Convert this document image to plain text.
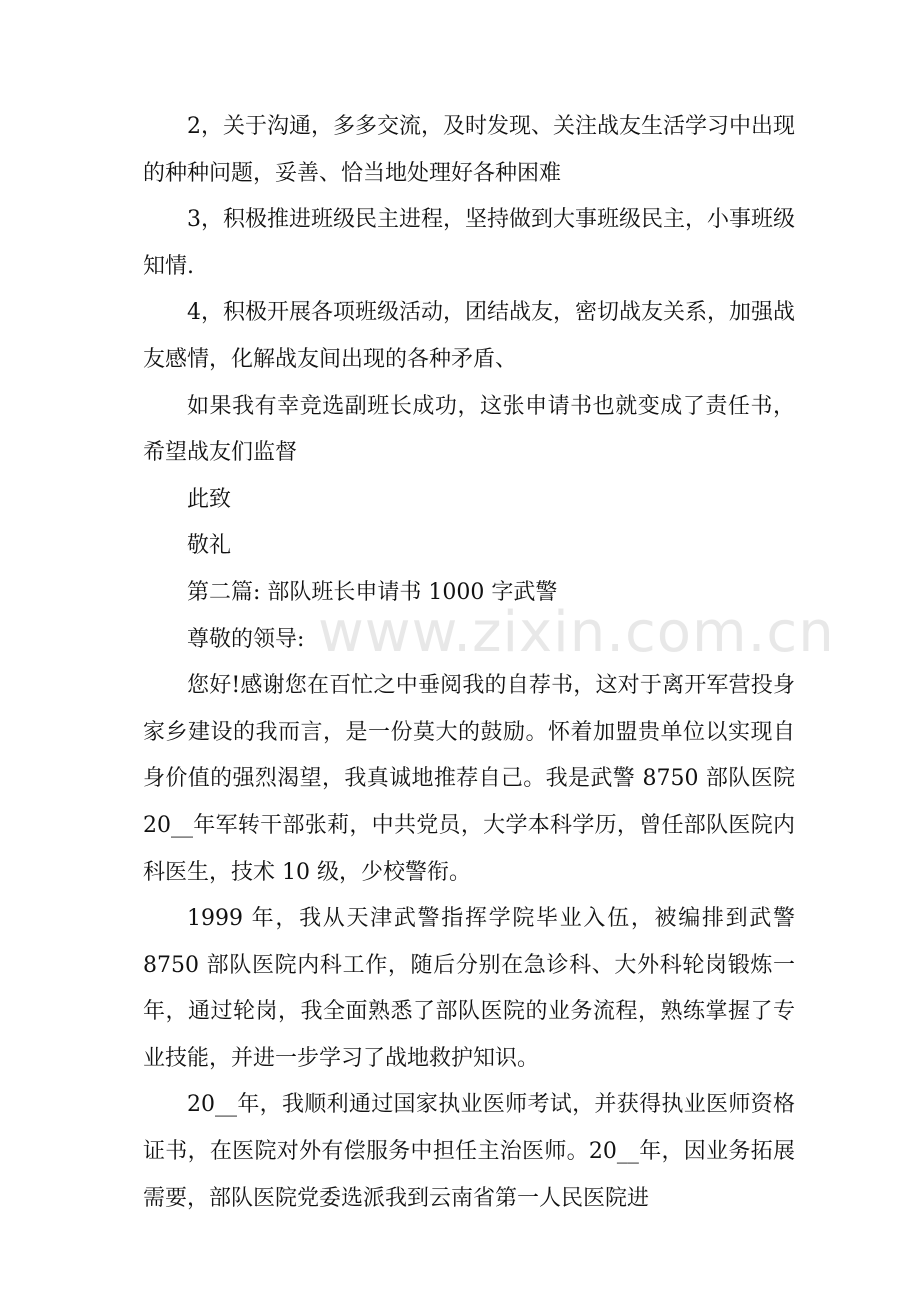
2，关于沟通，多多交流，及时发现、关注战友生活学习中出现的种种问题，妥善、恰当地处理好各种困难

3，积极推进班级民主进程，坚持做到大事班级民主，小事班级知情.

4，积极开展各项班级活动，团结战友，密切战友关系，加强战友感情，化解战友间出现的各种矛盾、

如果我有幸竞选副班长成功，这张申请书也就变成了责任书，希望战友们监督

此致

敬礼

第二篇: 部队班长申请书 1000 字武警

尊敬的领导:

您好!感谢您在百忙之中垂阅我的自荐书，这对于离开军营投身家乡建设的我而言，是一份莫大的鼓励。怀着加盟贵单位以实现自身价值的强烈渴望，我真诚地推荐自己。我是武警 8750 部队医院 20__年军转干部张莉，中共党员，大学本科学历，曾任部队医院内科医生，技术 10 级，少校警衔。

1999 年，我从天津武警指挥学院毕业入伍，被编排到武警 8750 部队医院内科工作，随后分别在急诊科、大外科轮岗锻炼一年，通过轮岗，我全面熟悉了部队医院的业务流程，熟练掌握了专业技能，并进一步学习了战地救护知识。

20__年，我顺利通过国家执业医师考试，并获得执业医师资格证书，在医院对外有偿服务中担任主治医师。20__年，因业务拓展需要，部队医院党委选派我到云南省第一人民医院进

www.zixin.com.cn
